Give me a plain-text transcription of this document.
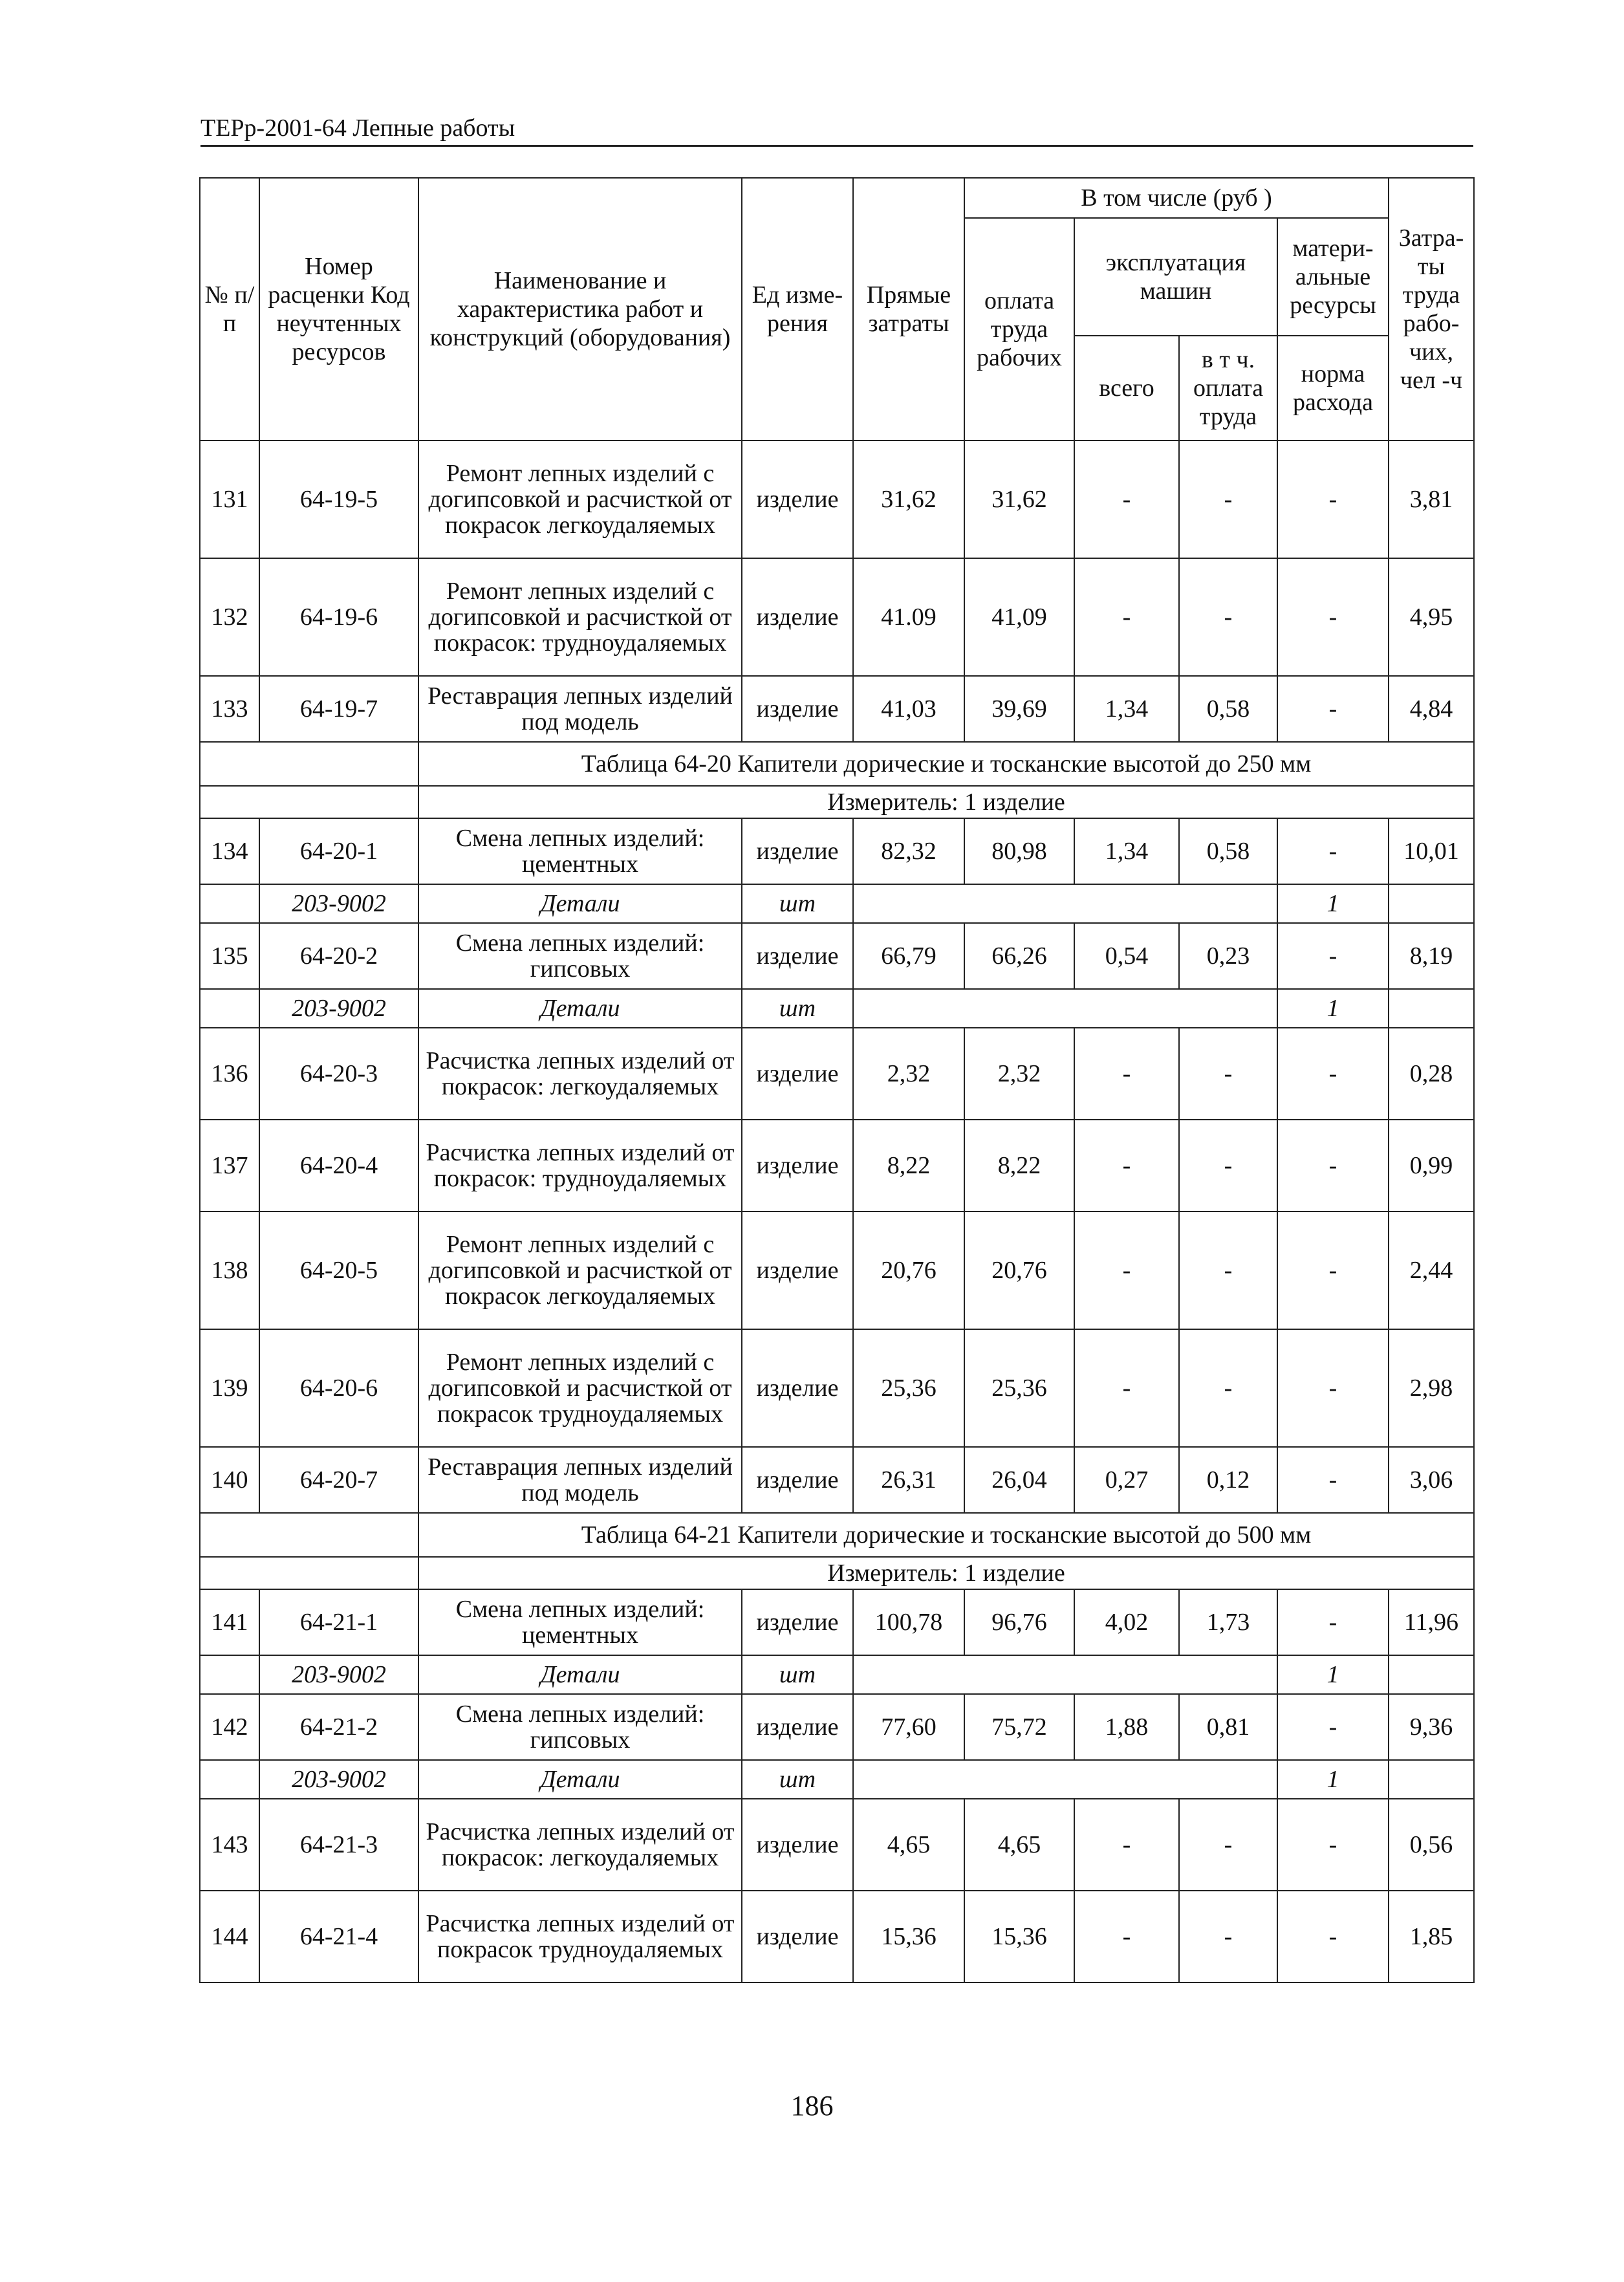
ТЕРр-2001-64 Лепные работы
№ п/п	Номер расценки Код неучтенных ресурсов	Наименование и характеристика работ и конструкций (оборудования)	Ед изме-рения	Прямые затраты	В том числе (руб )				Затра-ты труда рабо-чих, чел -ч
					оплата труда рабочих	эксплуатация машин		матери-альные ресурсы	
						всего	в т ч. оплата труда	норма расхода	
131	64-19-5	Ремонт лепных изделий с догипсовкой и расчисткой от покрасок легкоудаляемых	изделие	31,62	31,62	-	-	-	3,81
132	64-19-6	Ремонт лепных изделий с догипсовкой и расчисткой от покрасок: трудноудаляемых	изделие	41.09	41,09	-	-	-	4,95
133	64-19-7	Реставрация лепных изделий под модель	изделие	41,03	39,69	1,34	0,58	-	4,84
		Таблица 64-20 Капители дорические и тосканские высотой до 250 мм							
		Измеритель: 1 изделие							
134	64-20-1	Смена лепных изделий: цементных	изделие	82,32	80,98	1,34	0,58	-	10,01
	203-9002	Детали	шт					1	
135	64-20-2	Смена лепных изделий: гипсовых	изделие	66,79	66,26	0,54	0,23	-	8,19
	203-9002	Детали	шт					1	
136	64-20-3	Расчистка лепных изделий от покрасок: легкоудаляемых	изделие	2,32	2,32	-	-	-	0,28
137	64-20-4	Расчистка лепных изделий от покрасок: трудноудаляемых	изделие	8,22	8,22	-	-	-	0,99
138	64-20-5	Ремонт лепных изделий с догипсовкой и расчисткой от покрасок легкоудаляемых	изделие	20,76	20,76	-	-	-	2,44
139	64-20-6	Ремонт лепных изделий с догипсовкой и расчисткой от покрасок трудноудаляемых	изделие	25,36	25,36	-	-	-	2,98
140	64-20-7	Реставрация лепных изделий под модель	изделие	26,31	26,04	0,27	0,12	-	3,06
		Таблица 64-21 Капители дорические и тосканские высотой до 500 мм							
		Измеритель: 1 изделие							
141	64-21-1	Смена лепных изделий: цементных	изделие	100,78	96,76	4,02	1,73	-	11,96
	203-9002	Детали	шт					1	
142	64-21-2	Смена лепных изделий: гипсовых	изделие	77,60	75,72	1,88	0,81	-	9,36
	203-9002	Детали	шт					1	
143	64-21-3	Расчистка лепных изделий от покрасок: легкоудаляемых	изделие	4,65	4,65	-	-	-	0,56
144	64-21-4	Расчистка лепных изделий от покрасок трудноудаляемых	изделие	15,36	15,36	-	-	-	1,85
186
